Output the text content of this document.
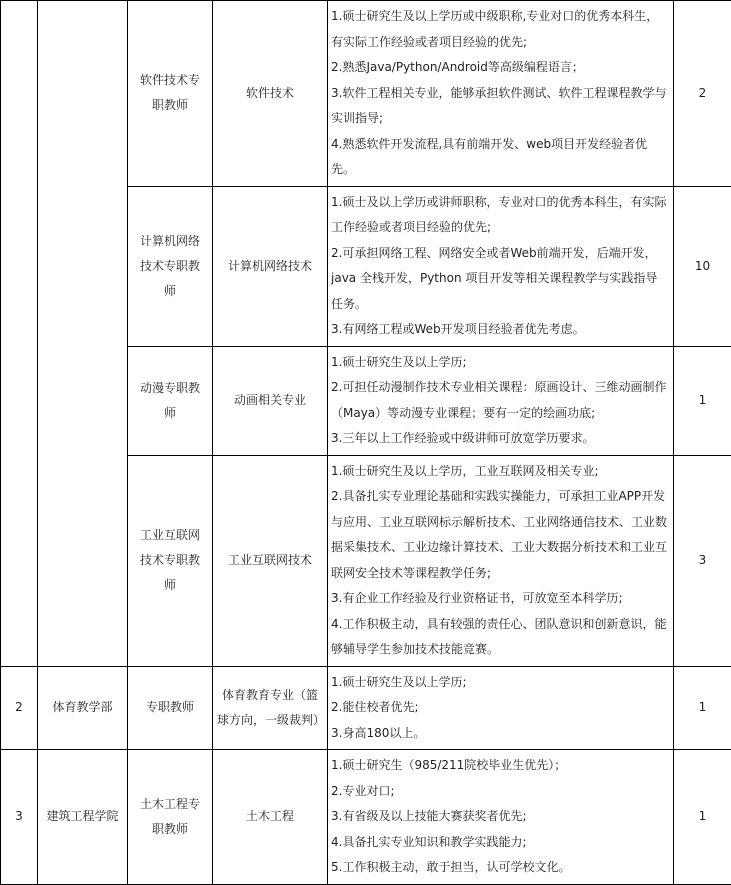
		软件技术专职教师	软件技术	1.硕士研究生及以上学历或中级职称,专业对口的优秀本科生，有实际工作经验或者项目经验的优先;
2.熟悉Java/Python/Android等高级编程语言；
3.软件工程相关专业，能够承担软件测试、软件工程课程教学与实训指导;
4.熟悉软件开发流程,具有前端开发、web项目开发经验者优先。	2
		计算机网络技术专职教师	计算机网络技术	1.硕士及以上学历或讲师职称，专业对口的优秀本科生，有实际工作经验或者项目经验的优先;
2.可承担网络工程、网络安全或者Web前端开发，后端开发，java 全栈开发，Python 项目开发等相关课程教学与实践指导任务。
3.有网络工程或Web开发项目经验者优先考虑。	10
		动漫专职教师	动画相关专业	1.硕士研究生及以上学历;
2.可担任动漫制作技术专业相关课程：原画设计、三维动画制作（Maya）等动漫专业课程；要有一定的绘画功底;
3.三年以上工作经验或中级讲师可放宽学历要求。	1
		工业互联网技术专职教师	工业互联网技术	1.硕士研究生及以上学历，工业互联网及相关专业;
2.具备扎实专业理论基础和实践实操能力，可承担工业APP开发与应用、工业互联网标示解析技术、工业网络通信技术、工业数据采集技术、工业边缘计算技术、工业大数据分析技术和工业互联网安全技术等课程教学任务;
3.有企业工作经验及行业资格证书，可放宽至本科学历;
4.工作积极主动，具有较强的责任心、团队意识和创新意识，能够辅导学生参加技术技能竞赛。	3
2	体育教学部	专职教师	体育教育专业（篮球方向，一级裁判）	1.硕士研究生及以上学历;
2.能住校者优先;
3.身高180以上。	1
3	建筑工程学院	土木工程专职教师	土木工程	1.硕士研究生（985/211院校毕业生优先）；
2.专业对口;
3.有省级及以上技能大赛获奖者优先;
4.具备扎实专业知识和教学实践能力;
5.工作积极主动，敢于担当，认可学校文化。	1
